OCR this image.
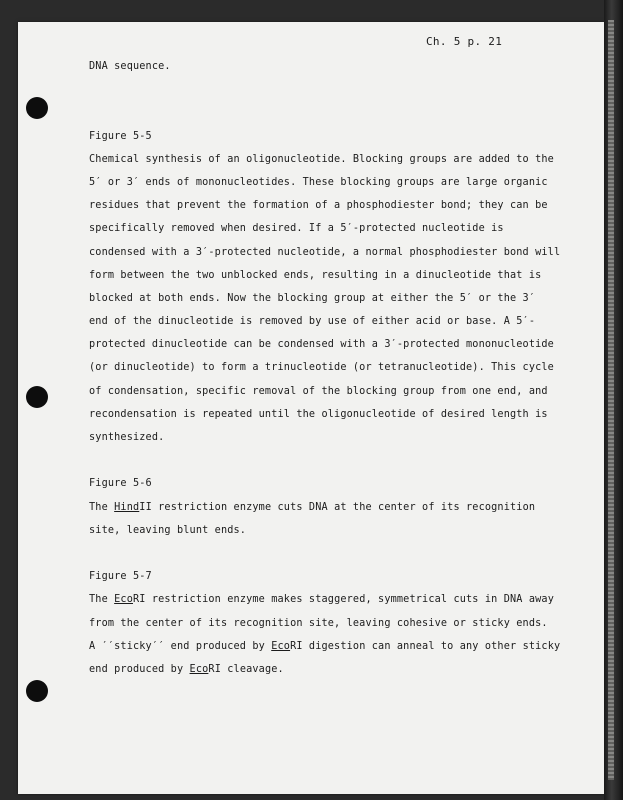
Ch. 5 p. 21
DNA sequence.
Figure 5-5
Chemical synthesis of an oligonucleotide. Blocking groups are added to the
5′ or 3′ ends of mononucleotides. These blocking groups are large organic
residues that prevent the formation of a phosphodiester bond; they can be
specifically removed when desired. If a 5′-protected nucleotide is
condensed with a 3′-protected nucleotide, a normal phosphodiester bond will
form between the two unblocked ends, resulting in a dinucleotide that is
blocked at both ends. Now the blocking group at either the 5′ or the 3′
end of the dinucleotide is removed by use of either acid or base. A 5′-
protected dinucleotide can be condensed with a 3′-protected mononucleotide
(or dinucleotide) to form a trinucleotide (or tetranucleotide). This cycle
of condensation, specific removal of the blocking group from one end, and
recondensation is repeated until the oligonucleotide of desired length is
synthesized.
Figure 5-6
The HindII restriction enzyme cuts DNA at the center of its recognition
site, leaving blunt ends.
Figure 5-7
The EcoRI restriction enzyme makes staggered, symmetrical cuts in DNA away
from the center of its recognition site, leaving cohesive or sticky ends.
A ′′sticky′′ end produced by EcoRI digestion can anneal to any other sticky
end produced by EcoRI cleavage.
